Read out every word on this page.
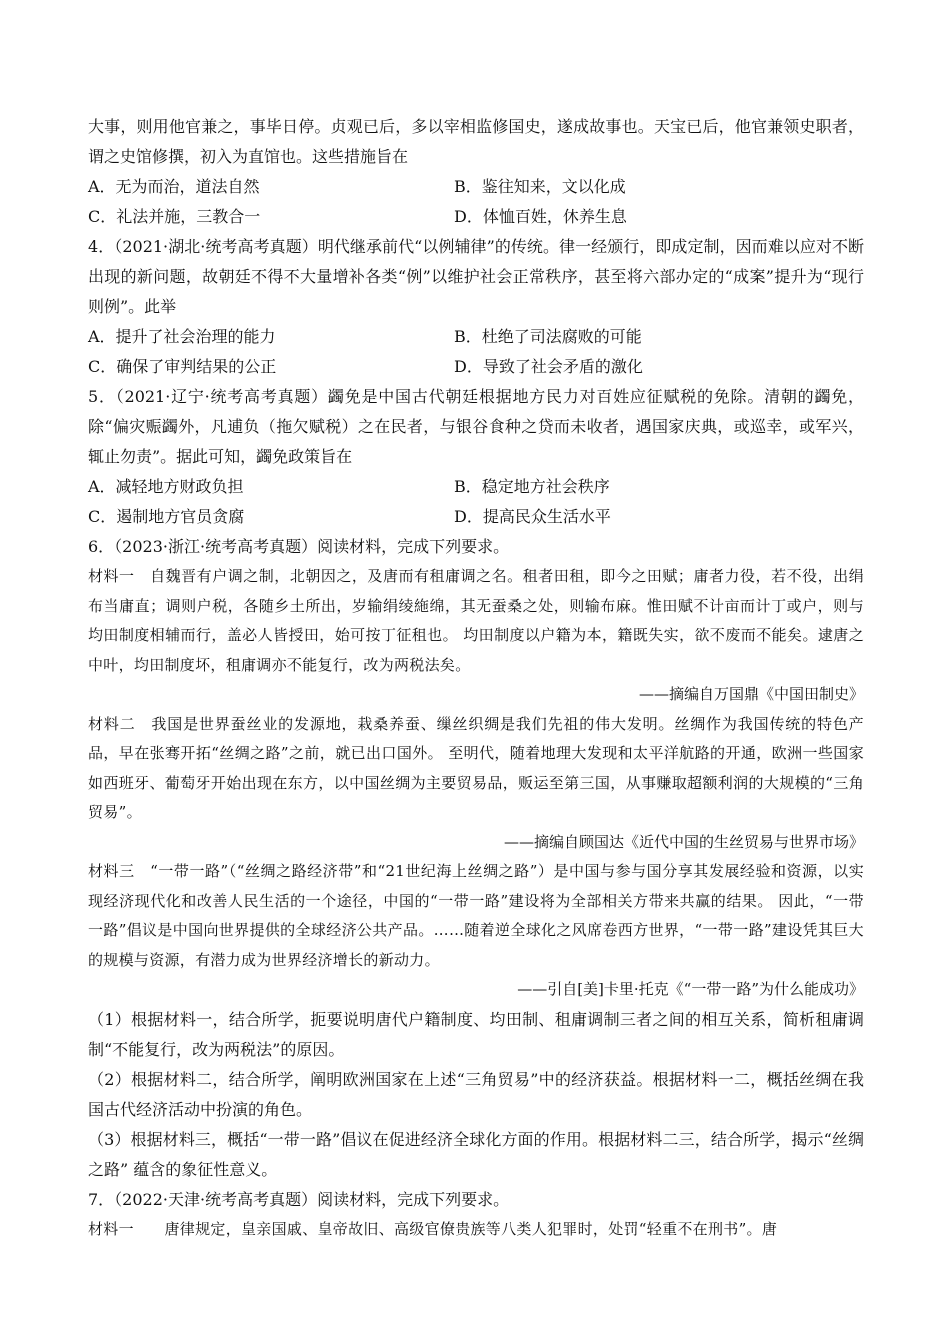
大事，则用他官兼之，事毕日停。贞观已后，多以宰相监修国史，遂成故事也。天宝已后，他官兼领史职者，谓之史馆修撰，初入为直馆也。这些措施旨在

A．无为而治，道法自然	B．鉴往知来，文以化成
C．礼法并施，三教合一	D．体恤百姓，休养生息

4．（2021·湖北·统考高考真题）明代继承前代“以例辅律”的传统。律一经颁行，即成定制，因而难以应对不断出现的新问题，故朝廷不得不大量增补各类“例”以维护社会正常秩序，甚至将六部办定的“成案”提升为“现行则例”。此举

A．提升了社会治理的能力	B．杜绝了司法腐败的可能
C．确保了审判结果的公正	D．导致了社会矛盾的激化

5．（2021·辽宁·统考高考真题）蠲免是中国古代朝廷根据地方民力对百姓应征赋税的免除。清朝的蠲免，除“偏灾赈蠲外，凡逋负（拖欠赋税）之在民者，与银谷食种之贷而未收者，遇国家庆典，或巡幸，或军兴，辄止勿责”。据此可知，蠲免政策旨在

A．减轻地方财政负担	B．稳定地方社会秩序
C．遏制地方官员贪腐	D．提高民众生活水平

6．（2023·浙江·统考高考真题）阅读材料，完成下列要求。

材料一　自魏晋有户调之制，北朝因之，及唐而有租庸调之名。租者田租，即今之田赋；庸者力役，若不役，出绢布当庸直；调则户税，各随乡土所出，岁输绢绫絁绵，其无蚕桑之处，则输布麻。惟田赋不计亩而计丁或户，则与均田制度相辅而行，盖必人皆授田，始可按丁征租也。 均田制度以户籍为本，籍既失实，欲不废而不能矣。逮唐之中叶，均田制度坏，租庸调亦不能复行，改为两税法矣。

——摘编自万国鼎《中国田制史》

材料二　我国是世界蚕丝业的发源地，栽桑养蚕、缫丝织绸是我们先祖的伟大发明。丝绸作为我国传统的特色产品，早在张骞开拓“丝绸之路”之前，就已出口国外。 至明代，随着地理大发现和太平洋航路的开通，欧洲一些国家如西班牙、葡萄牙开始出现在东方，以中国丝绸为主要贸易品，贩运至第三国，从事赚取超额利润的大规模的“三角贸易”。

——摘编自顾国达《近代中国的生丝贸易与世界市场》

材料三　“一带一路”（“丝绸之路经济带”和“21世纪海上丝绸之路”）是中国与参与国分享其发展经验和资源，以实现经济现代化和改善人民生活的一个途径，中国的“一带一路”建设将为全部相关方带来共赢的结果。 因此，“一带一路”倡议是中国向世界提供的全球经济公共产品。……随着逆全球化之风席卷西方世界，“一带一路”建设凭其巨大的规模与资源，有潜力成为世界经济增长的新动力。

——引自[美]卡里·托克《“一带一路”为什么能成功》

（1）根据材料一，结合所学，扼要说明唐代户籍制度、均田制、租庸调制三者之间的相互关系，简析租庸调制“不能复行，改为两税法”的原因。

（2）根据材料二，结合所学，阐明欧洲国家在上述“三角贸易”中的经济获益。根据材料一二，概括丝绸在我国古代经济活动中扮演的角色。

（3）根据材料三，概括“一带一路”倡议在促进经济全球化方面的作用。根据材料二三，结合所学，揭示“丝绸之路” 蕴含的象征性意义。

7．（2022·天津·统考高考真题）阅读材料，完成下列要求。

材料一　　唐律规定，皇亲国戚、皇帝故旧、高级官僚贵族等八类人犯罪时，处罚“轻重不在刑书”。唐
